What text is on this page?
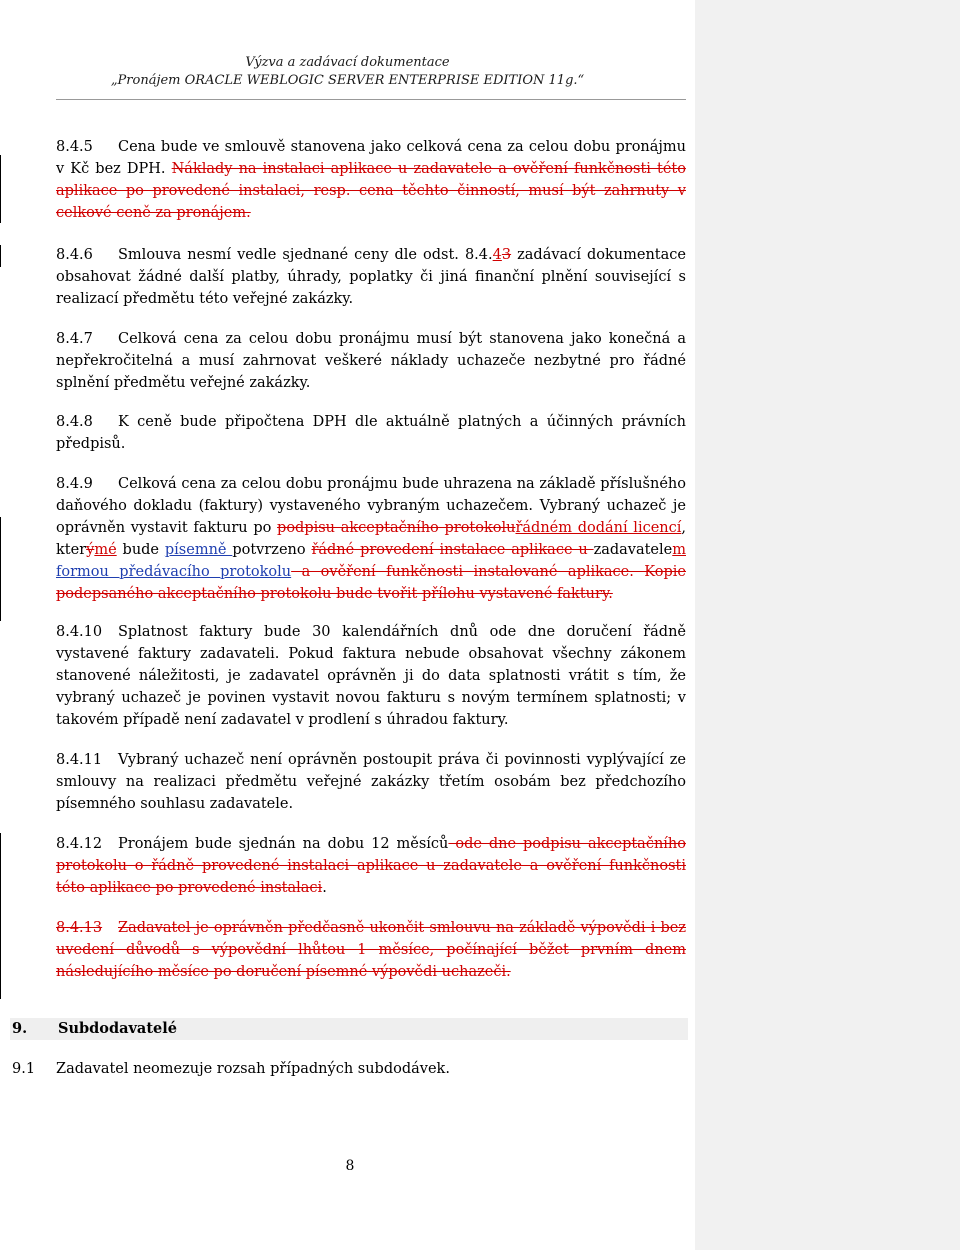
Výzva a zadávací dokumentace
„Pronájem ORACLE WEBLOGIC SERVER ENTERPRISE EDITION 11g.“
8.4.5 Cena bude ve smlouvě stanovena jako celková cena za celou dobu pronájmu v Kč bez DPH. Náklady na instalaci aplikace u zadavatele a ověření funkčnosti této aplikace po provedené instalaci, resp. cena těchto činností, musí být zahrnuty v celkové ceně za pronájem.
8.4.6 Smlouva nesmí vedle sjednané ceny dle odst. 8.4.43 zadávací dokumentace obsahovat žádné další platby, úhrady, poplatky či jiná finanční plnění související s realizací předmětu této veřejné zakázky.
8.4.7 Celková cena za celou dobu pronájmu musí být stanovena jako konečná a nepřekročitelná a musí zahrnovat veškeré náklady uchazeče nezbytné pro řádné splnění předmětu veřejné zakázky.
8.4.8 K ceně bude připočtena DPH dle aktuálně platných a účinných právních předpisů.
8.4.9 Celková cena za celou dobu pronájmu bude uhrazena na základě příslušného daňového dokladu (faktury) vystaveného vybraným uchazečem. Vybraný uchazeč je oprávněn vystavit fakturu po podpisu akceptačního protokoluřádném dodání licencí, kterýmé bude písemně potvrzeno řádné provedení instalace aplikace u zadavatelem formou předávacího protokolu a ověření funkčnosti instalované aplikace. Kopie podepsaného akceptačního protokolu bude tvořit přílohu vystavené faktury.
8.4.10 Splatnost faktury bude 30 kalendářních dnů ode dne doručení řádně vystavené faktury zadavateli. Pokud faktura nebude obsahovat všechny zákonem stanovené náležitosti, je zadavatel oprávněn ji do data splatnosti vrátit s tím, že vybraný uchazeč je povinen vystavit novou fakturu s novým termínem splatnosti; v takovém případě není zadavatel v prodlení s úhradou faktury.
8.4.11 Vybraný uchazeč není oprávněn postoupit práva či povinnosti vyplývající ze smlouvy na realizaci předmětu veřejné zakázky třetím osobám bez předchozího písemného souhlasu zadavatele.
8.4.12 Pronájem bude sjednán na dobu 12 měsíců ode dne podpisu akceptačního protokolu o řádně provedené instalaci aplikace u zadavatele a ověření funkčnosti této aplikace po provedené instalaci.
8.4.13 Zadavatel je oprávněn předčasně ukončit smlouvu na základě výpovědi i bez uvedení důvodů s výpovědní lhůtou 1 měsíce, počínající běžet prvním dnem následujícího měsíce po doručení písemné výpovědi uchazeči.
9. Subdodavatelé
9.1 Zadavatel neomezuje rozsah případných subdodávek.
8
